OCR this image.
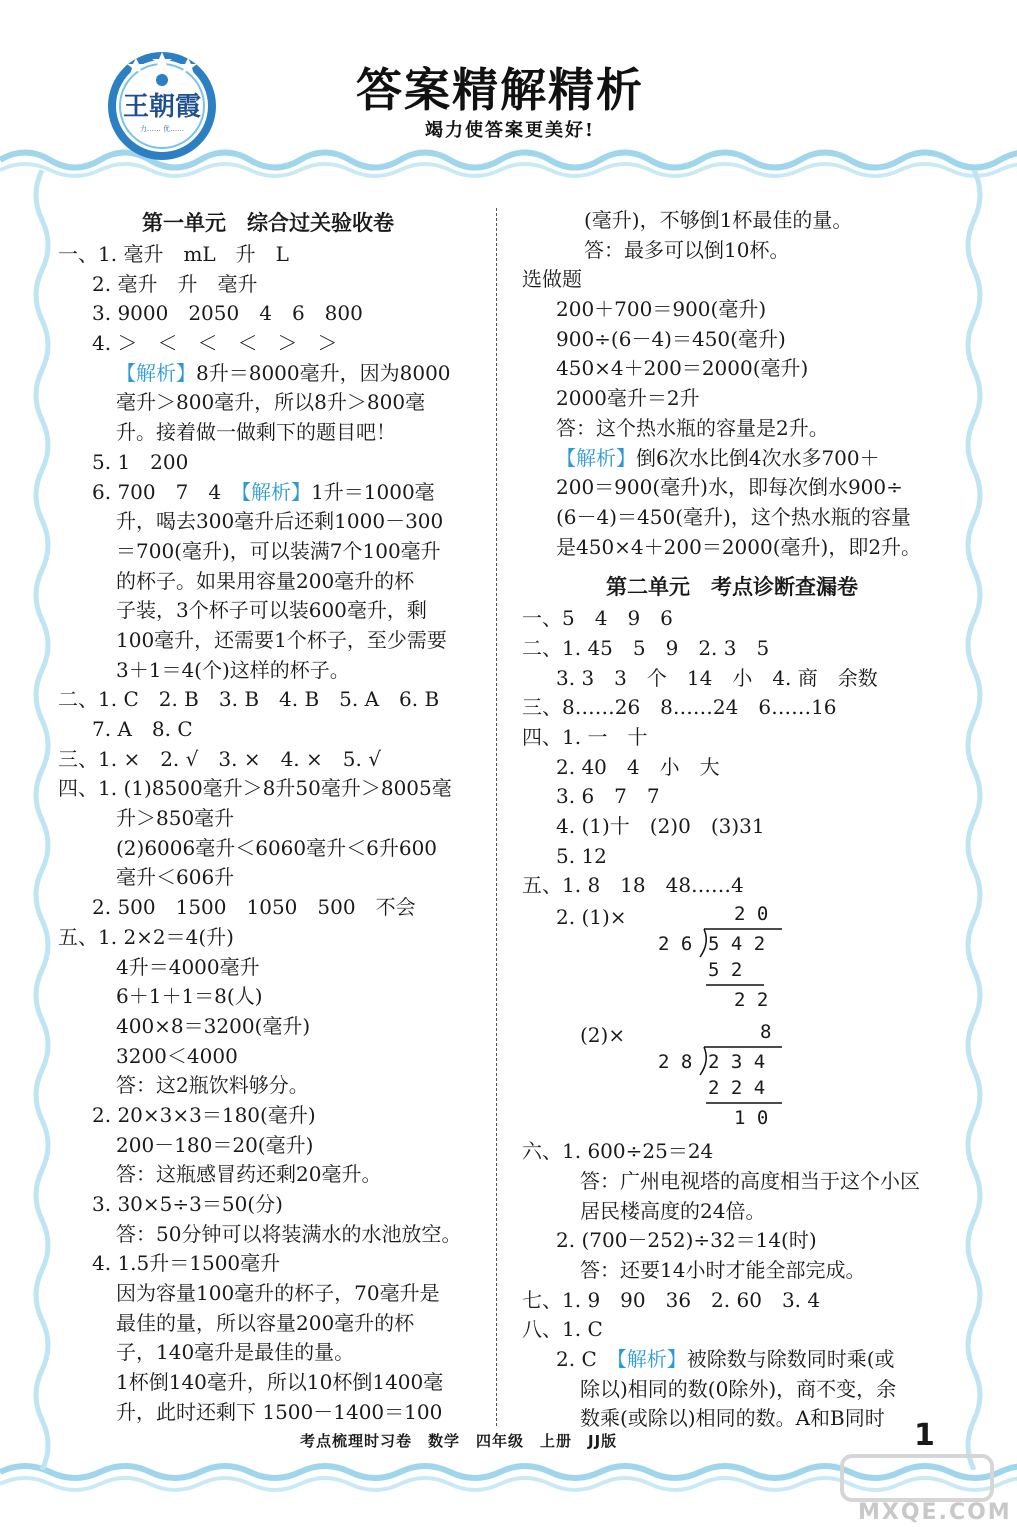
王朝霞
力…… 优……
答案精解精析
竭力使答案更美好!
第一单元　综合过关验收卷
一、1. 毫升　mL　升　L
2. 毫升　升　毫升
3. 9000　2050　4　6　800
4. ＞　＜　＜　＜　＞　＞
【解析】8升＝8000毫升，因为8000
毫升＞800毫升，所以8升＞800毫
升。接着做一做剩下的题目吧！
5. 1　200
6. 700　7　4　【解析】1升＝1000毫
升，喝去300毫升后还剩1000－300
＝700(毫升)，可以装满7个100毫升
的杯子。如果用容量200毫升的杯
子装，3个杯子可以装600毫升，剩
100毫升，还需要1个杯子，至少需要
3＋1＝4(个)这样的杯子。
二、1. C　2. B　3. B　4. B　5. A　6. B
7. A　8. C
三、1. ×　2. √　3. ×　4. ×　5. √
四、1. (1)8500毫升＞8升50毫升＞8005毫
升＞850毫升
(2)6006毫升＜6060毫升＜6升600
毫升＜606升
2. 500　1500　1050　500　不会
五、1. 2×2＝4(升)
4升＝4000毫升
6＋1＋1＝8(人)
400×8＝3200(毫升)
3200＜4000
答：这2瓶饮料够分。
2. 20×3×3＝180(毫升)
200－180＝20(毫升)
答：这瓶感冒药还剩20毫升。
3. 30×5÷3＝50(分)
答：50分钟可以将装满水的水池放空。
4. 1.5升＝1500毫升
因为容量100毫升的杯子，70毫升是
最佳的量，所以容量200毫升的杯
子，140毫升是最佳的量。
1杯倒140毫升，所以10杯倒1400毫
升，此时还剩下 1500－1400＝100
(毫升)，不够倒1杯最佳的量。
答：最多可以倒10杯。
选做题
200＋700＝900(毫升)
900÷(6－4)＝450(毫升)
450×4＋200＝2000(毫升)
2000毫升＝2升
答：这个热水瓶的容量是2升。
【解析】倒6次水比倒4次水多700＋
200＝900(毫升)水，即每次倒水900÷
(6－4)＝450(毫升)，这个热水瓶的容量
是450×4＋200＝2000(毫升)，即2升。
第二单元　考点诊断查漏卷
一、5　4　9　6
二、1. 45　5　9　2. 3　5
3. 3　3　个　14　小　4. 商　余数
三、8……26　8……24　6……16
四、1. 一　十
2. 40　4　小　大
3. 6　7　7
4. (1)十　(2)0　(3)31
5. 12
五、1. 8　18　48……4
2. (1)×	2 0
2 6 5 4 2
5 2
2 2
(2)×	8
2 8 2 3 4
2 2 4
1 0
六、1. 600÷25＝24
答：广州电视塔的高度相当于这个小区
居民楼高度的24倍。
2. (700－252)÷32＝14(时)
答：还要14小时才能全部完成。
七、1. 9　90　36　2. 60　3. 4
八、1. C
2. C　【解析】被除数与除数同时乘(或
除以)相同的数(0除外)，商不变，余
数乘(或除以)相同的数。A和B同时
考点梳理时习卷　数学　四年级　上册　JJ版	1
MXQE.COM
